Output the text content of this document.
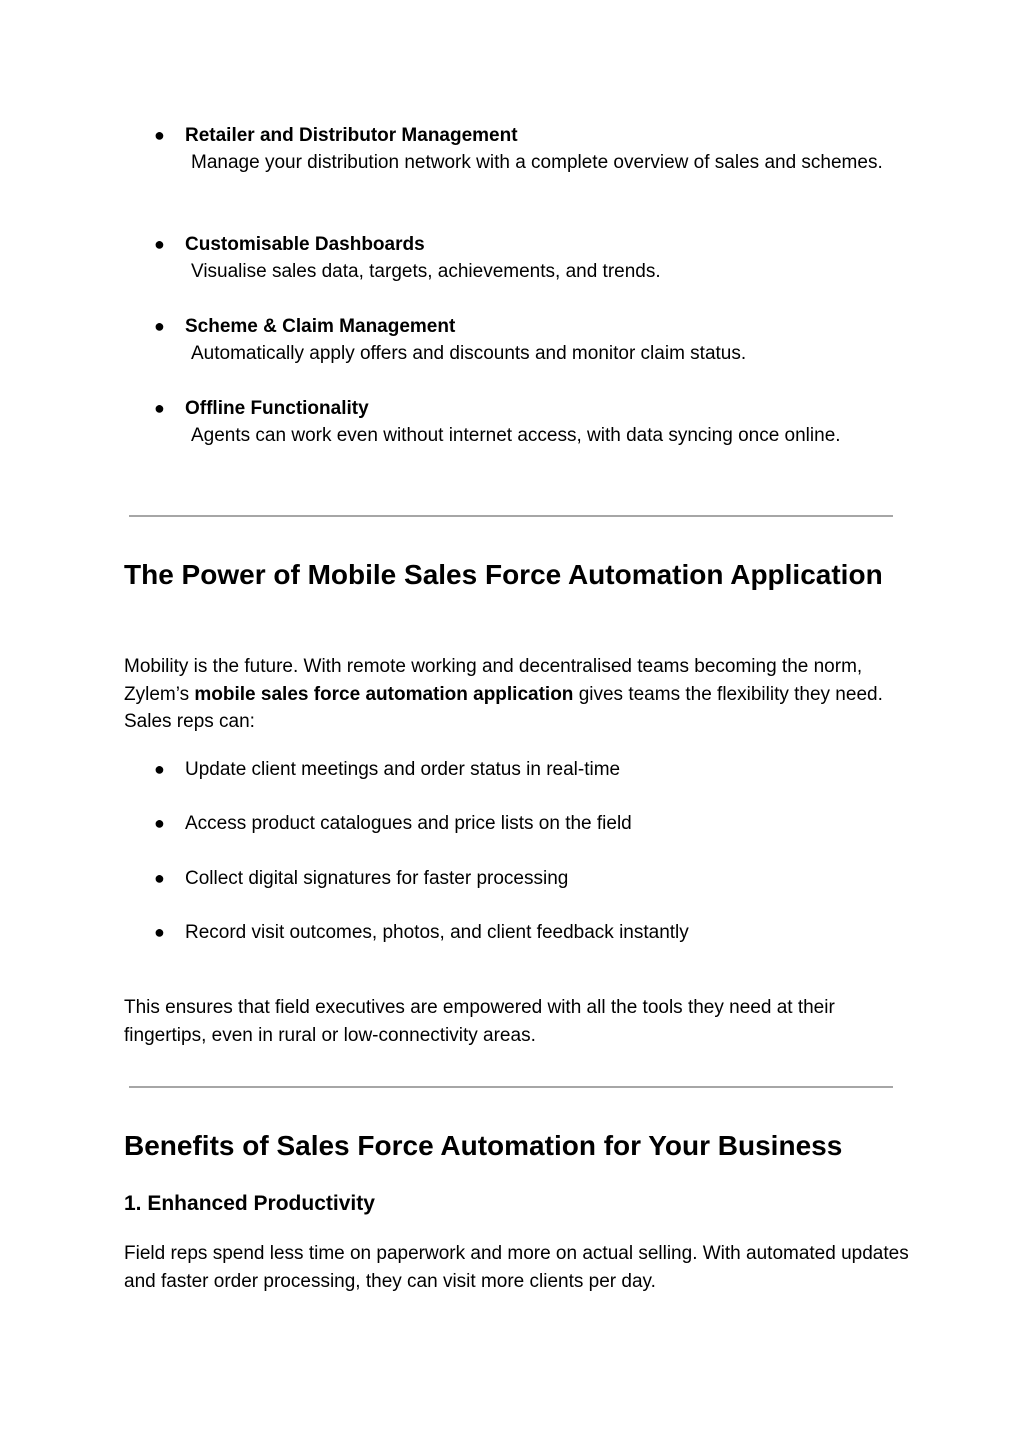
● Retailer and Distributor Management
Manage your distribution network with a complete overview of sales and schemes.
● Customisable Dashboards
Visualise sales data, targets, achievements, and trends.
● Scheme & Claim Management
Automatically apply offers and discounts and monitor claim status.
● Offline Functionality
Agents can work even without internet access, with data syncing once online.
The Power of Mobile Sales Force Automation Application

Mobility is the future. With remote working and decentralised teams becoming the norm, Zylem’s mobile sales force automation application gives teams the flexibility they need. Sales reps can:

● Update client meetings and order status in real-time
● Access product catalogues and price lists on the field
● Collect digital signatures for faster processing
● Record visit outcomes, photos, and client feedback instantly

This ensures that field executives are empowered with all the tools they need at their fingertips, even in rural or low-connectivity areas.

Benefits of Sales Force Automation for Your Business
1. Enhanced Productivity

Field reps spend less time on paperwork and more on actual selling. With automated updates and faster order processing, they can visit more clients per day.
